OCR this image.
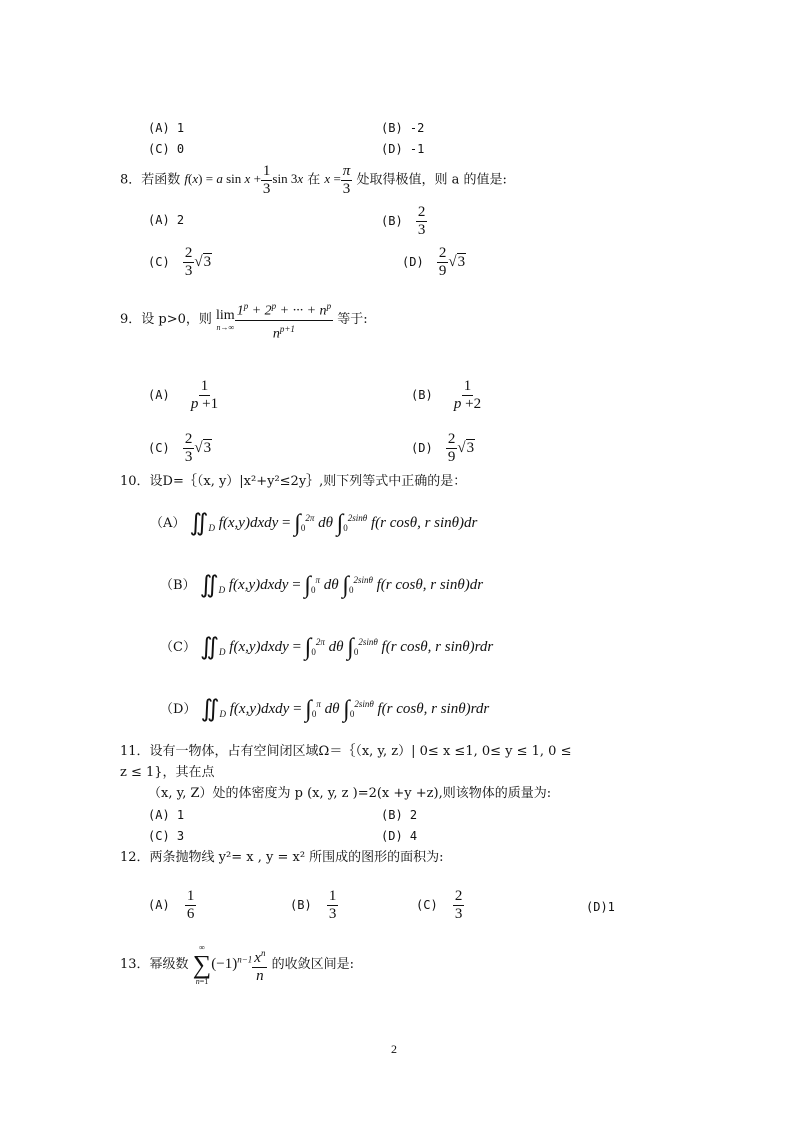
(A) 1	(B) -2
(C) 0	(D) -1
8．若函数 f(x) = a $\sin x + \frac{1}{3}$ sin 3x 在 $x = \frac{\pi}{3}$ 处取得极值，则 a 的值是:
(A) 2	$(B) \frac{2}{3}$
$(C) \frac{2}{3} √3$	$(D) \frac{2}{9} √3$
9．设 p>0，则 lim
$n\to\infty \frac{1^p + 2^p + \cdot\cdot\cdot + n^p}{n^{p+1}}$ 等于:
$(A) \frac{1}{p +1}$	$(B) \frac{1}{p +2}$
$(C) \frac{2}{3} √3$	$(D) \frac{2}{9} √3$
10．设D=｛（x, y）|x²+y²≤2y｝,则下列等式中正确的是：
（A） $∬_D$ f(x,y)dxdy = $\int_0^{2\pi}$ dθ $\int_0^{2sin\theta}$ f(r cosθ, r sinθ)dr
（B） $∬_D$ f(x,y)dxdy = $\int_0^\pi$ dθ $\int_0^{2sin\theta}$ f(r cosθ, r sinθ)dr
（C） $∬_D$ f(x,y)dxdy = $\int_0^{2\pi}$ dθ $\int_0^{2sin\theta}$ f(r cosθ, r sinθ)rdr
（D） $∬_D$ f(x,y)dxdy = $\int_0^\pi$ dθ $\int_0^{2sin\theta}$ f(r cosθ, r sinθ)rdr
11．设有一物体，占有空间闭区域Ω＝｛（x, y, z）| 0≤ x ≤1, 0≤ y ≤ 1, 0 ≤
z ≤ 1}，其在点
（x, y, Z）处的体密度为 p (x, y, z )=2(x +y +z),则该物体的质量为:
(A) 1	(B) 2
(C) 3	(D) 4
12．两条抛物线 y²= x , y = x² 所围成的图形的面积为:
$(A) \frac{1}{6}$	$(B) \frac{1}{3}$	$(C) \frac{2}{3}$	(D)1
13．幂级数
∞
∑
n=1
$(-1)^{n-1} \frac{x^n}{n}$ 的收敛区间是:
2
